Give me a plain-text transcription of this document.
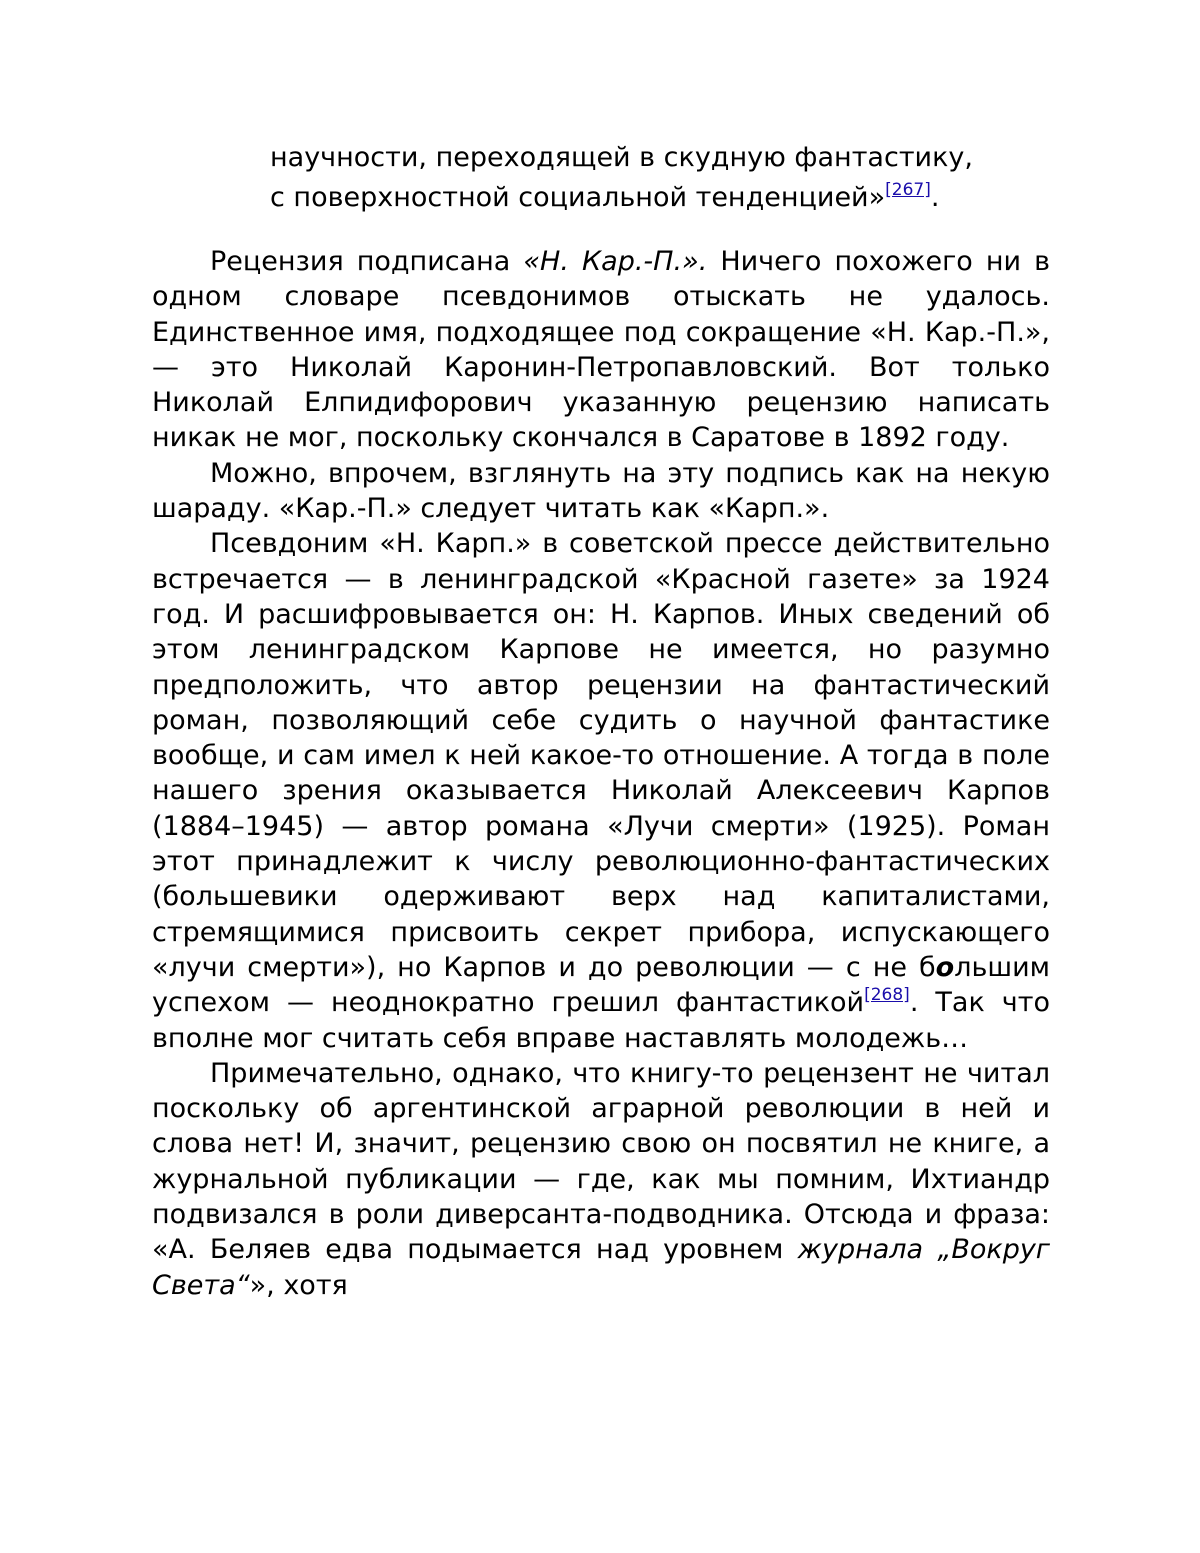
научности, переходящей в скудную фантастику,
с поверхностной социальной тенденцией»[267].

Рецензия подписана «Н. Кар.-П.». Ничего похожего ни в одном словаре псевдонимов отыскать не удалось. Единственное имя, подходящее под сокращение «Н. Кар.-П.», — это Николай Каронин-Петропавловский. Вот только Николай Елпидифорович указанную рецензию написать никак не мог, поскольку скончался в Саратове в 1892 году.

Можно, впрочем, взглянуть на эту подпись как на некую шараду. «Кар.-П.» следует читать как «Карп.».

Псевдоним «Н. Карп.» в советской прессе действительно встречается — в ленинградской «Красной газете» за 1924 год. И расшифровывается он: Н. Карпов. Иных сведений об этом ленинградском Карпове не имеется, но разумно предположить, что автор рецензии на фантастический роман, позволяющий себе судить о научной фантастике вообще, и сам имел к ней какое-то отношение. А тогда в поле нашего зрения оказывается Николай Алексеевич Карпов (1884–1945) — автор романа «Лучи смерти» (1925). Роман этот принадлежит к числу революционно-фантастических (большевики одерживают верх над капиталистами, стремящимися присвоить секрет прибора, испускающего «лучи смерти»), но Карпов и до революции — с не большим успехом — неоднократно грешил фантастикой[268]. Так что вполне мог считать себя вправе наставлять молодежь…

Примечательно, однако, что книгу-то рецензент не читал поскольку об аргентинской аграрной революции в ней и слова нет! И, значит, рецензию свою он посвятил не книге, а журнальной публикации — где, как мы помним, Ихтиандр подвизался в роли диверсанта-подводника. Отсюда и фраза: «А. Беляев едва подымается над уровнем журнала „Вокруг Света“», хотя
